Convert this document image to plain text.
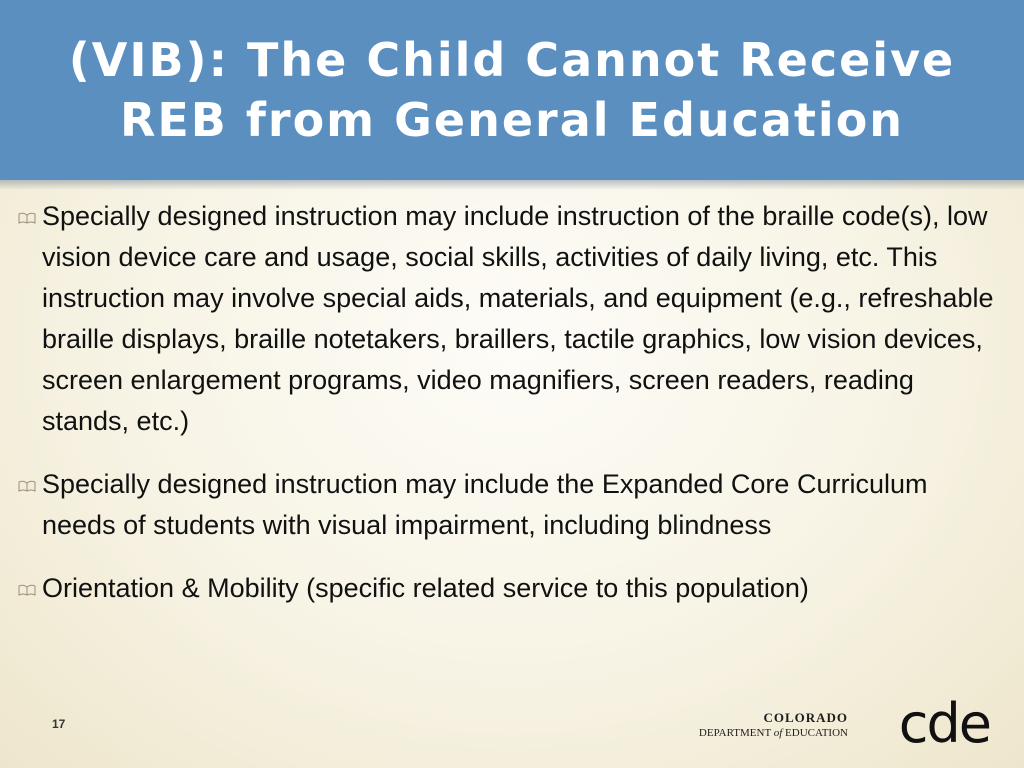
(VIB): The Child Cannot Receive
REB from General Education
Specially designed instruction may include instruction of the braille code(s), low vision device care and usage, social skills, activities of daily living, etc. This instruction may involve special aids, materials, and equipment (e.g., refreshable braille displays, braille notetakers, braillers, tactile graphics, low vision devices, screen enlargement programs, video magnifiers, screen readers, reading stands, etc.)
Specially designed instruction may include the Expanded Core Curriculum needs of students with visual impairment, including blindness
Orientation & Mobility (specific related service to this population)
17	COLORADO
DEPARTMENT of EDUCATION cde
